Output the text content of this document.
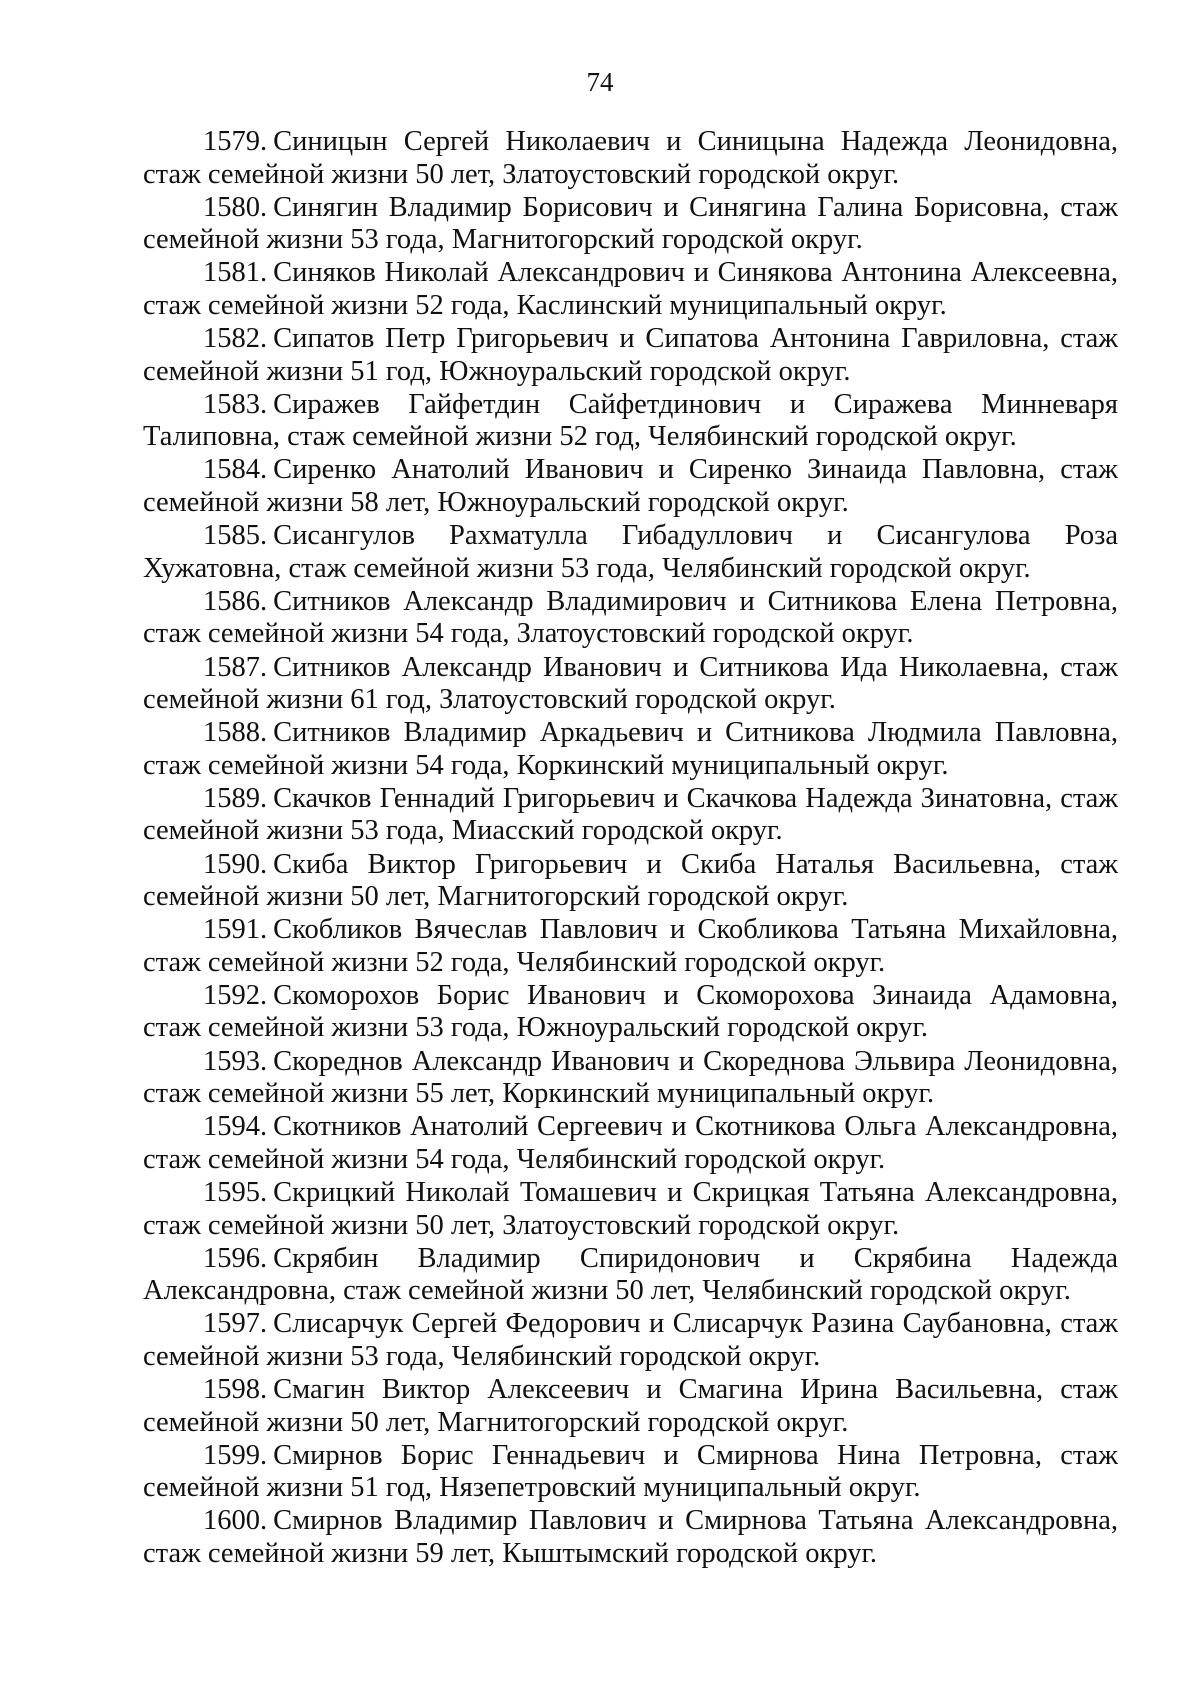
74

1579. Синицын Сергей Николаевич и Синицына Надежда Леонидовна, стаж семейной жизни 50 лет, Златоустовский городской округ.

1580. Синягин Владимир Борисович и Синягина Галина Борисовна, стаж семейной жизни 53 года, Магнитогорский городской округ.

1581. Синяков Николай Александрович и Синякова Антонина Алексеевна, стаж семейной жизни 52 года, Каслинский муниципальный округ.

1582. Сипатов Петр Григорьевич и Сипатова Антонина Гавриловна, стаж семейной жизни 51 год, Южноуральский городской округ.

1583. Сиражев Гайфетдин Сайфетдинович и Сиражева Минневаря Талиповна, стаж семейной жизни 52 год, Челябинский городской округ.

1584. Сиренко Анатолий Иванович и Сиренко Зинаида Павловна, стаж семейной жизни 58 лет, Южноуральский городской округ.

1585. Сисангулов Рахматулла Гибадуллович и Сисангулова Роза Хужатовна, стаж семейной жизни 53 года, Челябинский городской округ.

1586. Ситников Александр Владимирович и Ситникова Елена Петровна, стаж семейной жизни 54 года, Златоустовский городской округ.

1587. Ситников Александр Иванович и Ситникова Ида Николаевна, стаж семейной жизни 61 год, Златоустовский городской округ.

1588. Ситников Владимир Аркадьевич и Ситникова Людмила Павловна, стаж семейной жизни 54 года, Коркинский муниципальный округ.

1589. Скачков Геннадий Григорьевич и Скачкова Надежда Зинатовна, стаж семейной жизни 53 года, Миасский городской округ.

1590. Скиба Виктор Григорьевич и Скиба Наталья Васильевна, стаж семейной жизни 50 лет, Магнитогорский городской округ.

1591. Скобликов Вячеслав Павлович и Скобликова Татьяна Михайловна, стаж семейной жизни 52 года, Челябинский городской округ.

1592. Скоморохов Борис Иванович и Скоморохова Зинаида Адамовна, стаж семейной жизни 53 года, Южноуральский городской округ.

1593. Скореднов Александр Иванович и Скореднова Эльвира Леонидовна, стаж семейной жизни 55 лет, Коркинский муниципальный округ.

1594. Скотников Анатолий Сергеевич и Скотникова Ольга Александровна, стаж семейной жизни 54 года, Челябинский городской округ.

1595. Скрицкий Николай Томашевич и Скрицкая Татьяна Александровна, стаж семейной жизни 50 лет, Златоустовский городской округ.

1596. Скрябин Владимир Спиридонович и Скрябина Надежда Александровна, стаж семейной жизни 50 лет, Челябинский городской округ.

1597. Слисарчук Сергей Федорович и Слисарчук Разина Саубановна, стаж семейной жизни 53 года, Челябинский городской округ.

1598. Смагин Виктор Алексеевич и Смагина Ирина Васильевна, стаж семейной жизни 50 лет, Магнитогорский городской округ.

1599. Смирнов Борис Геннадьевич и Смирнова Нина Петровна, стаж семейной жизни 51 год, Нязепетровский муниципальный округ.

1600. Смирнов Владимир Павлович и Смирнова Татьяна Александровна, стаж семейной жизни 59 лет, Кыштымский городской округ.
